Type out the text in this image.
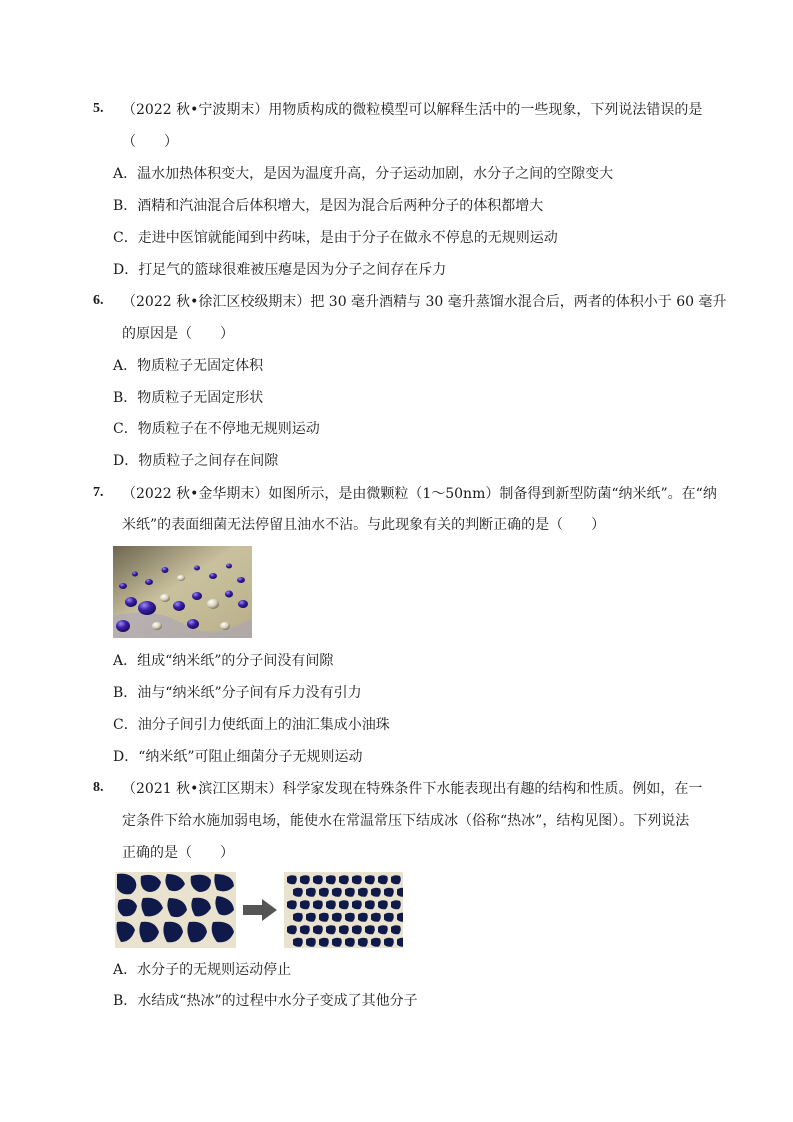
5. （2022 秋•宁波期末）用物质构成的微粒模型可以解释生活中的一些现象，下列说法错误的是
（　　）
A．温水加热体积变大，是因为温度升高，分子运动加剧，水分子之间的空隙变大
B．酒精和汽油混合后体积增大，是因为混合后两种分子的体积都增大
C．走进中医馆就能闻到中药味，是由于分子在做永不停息的无规则运动
D．打足气的篮球很难被压瘪是因为分子之间存在斥力
6. （2022 秋•徐汇区校级期末）把 30 毫升酒精与 30 毫升蒸馏水混合后，两者的体积小于 60 毫升
的原因是（　　）
A．物质粒子无固定体积
B．物质粒子无固定形状
C．物质粒子在不停地无规则运动
D．物质粒子之间存在间隙
7. （2022 秋•金华期末）如图所示，是由微颗粒（1～50nm）制备得到新型防菌“纳米纸”。在“纳
米纸”的表面细菌无法停留且油水不沾。与此现象有关的判断正确的是（　　）
A．组成“纳米纸”的分子间没有间隙
B．油与“纳米纸”分子间有斥力没有引力
C．油分子间引力使纸面上的油汇集成小油珠
D．“纳米纸”可阻止细菌分子无规则运动
8. （2021 秋•滨江区期末）科学家发现在特殊条件下水能表现出有趣的结构和性质。例如，在一
定条件下给水施加弱电场，能使水在常温常压下结成冰（俗称“热冰”，结构见图）。下列说法
正确的是（　　）
A．水分子的无规则运动停止
B．水结成“热冰”的过程中水分子变成了其他分子
